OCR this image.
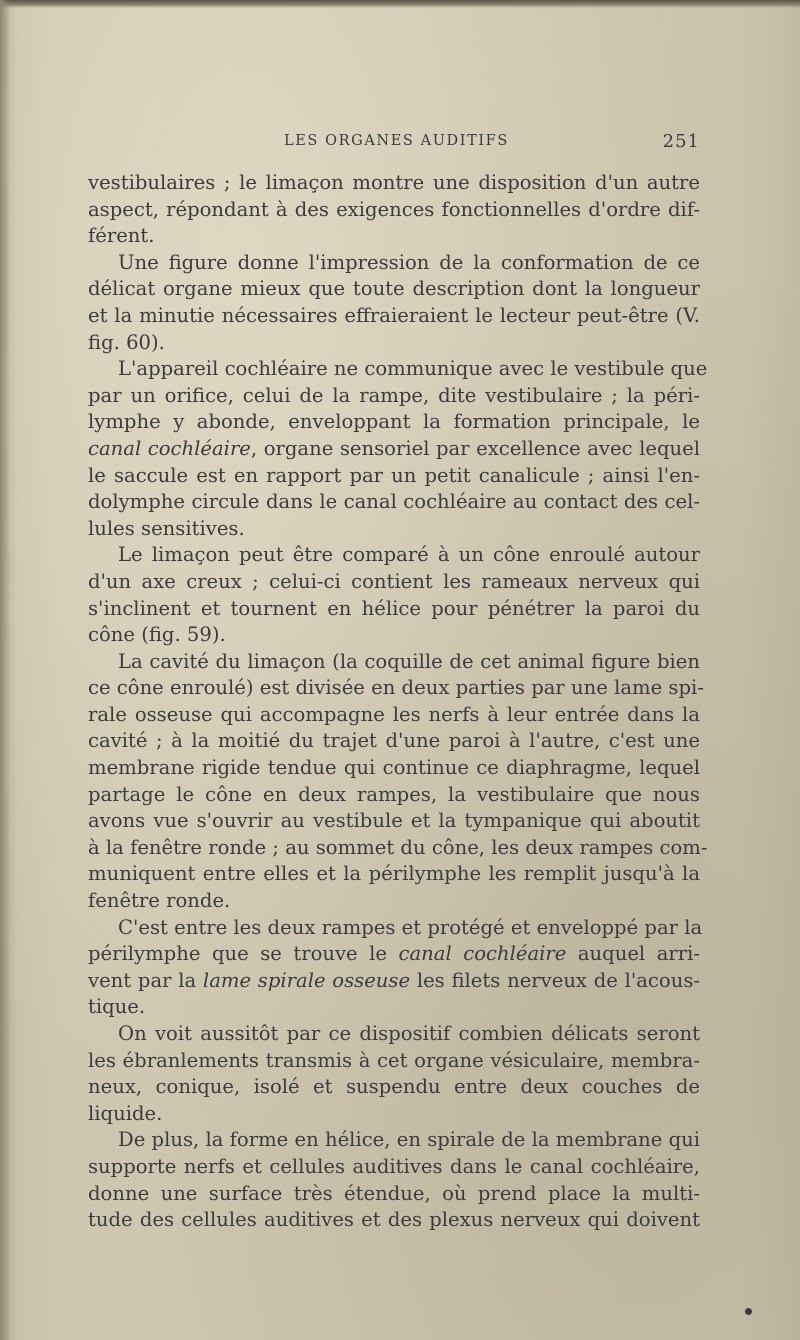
LES ORGANES AUDITIFS	251
vestibulaires ; le limaçon montre une disposition d'un autre
aspect, répondant à des exigences fonctionnelles d'ordre dif-
férent.
Une figure donne l'impression de la conformation de ce
délicat organe mieux que toute description dont la longueur
et la minutie nécessaires effraieraient le lecteur peut-être (V.
fig. 60).
L'appareil cochléaire ne communique avec le vestibule que
par un orifice, celui de la rampe, dite vestibulaire ; la péri-
lymphe y abonde, enveloppant la formation principale, le
canal cochléaire, organe sensoriel par excellence avec lequel
le saccule est en rapport par un petit canalicule ; ainsi l'en-
dolymphe circule dans le canal cochléaire au contact des cel-
lules sensitives.
Le limaçon peut être comparé à un cône enroulé autour
d'un axe creux ; celui-ci contient les rameaux nerveux qui
s'inclinent et tournent en hélice pour pénétrer la paroi du
cône (fig. 59).
La cavité du limaçon (la coquille de cet animal figure bien
ce cône enroulé) est divisée en deux parties par une lame spi-
rale osseuse qui accompagne les nerfs à leur entrée dans la
cavité ; à la moitié du trajet d'une paroi à l'autre, c'est une
membrane rigide tendue qui continue ce diaphragme, lequel
partage le cône en deux rampes, la vestibulaire que nous
avons vue s'ouvrir au vestibule et la tympanique qui aboutit
à la fenêtre ronde ; au sommet du cône, les deux rampes com-
muniquent entre elles et la périlymphe les remplit jusqu'à la
fenêtre ronde.
C'est entre les deux rampes et protégé et enveloppé par la
périlymphe que se trouve le canal cochléaire auquel arri-
vent par la lame spirale osseuse les filets nerveux de l'acous-
tique.
On voit aussitôt par ce dispositif combien délicats seront
les ébranlements transmis à cet organe vésiculaire, membra-
neux, conique, isolé et suspendu entre deux couches de
liquide.
De plus, la forme en hélice, en spirale de la membrane qui
supporte nerfs et cellules auditives dans le canal cochléaire,
donne une surface très étendue, où prend place la multi-
tude des cellules auditives et des plexus nerveux qui doivent
